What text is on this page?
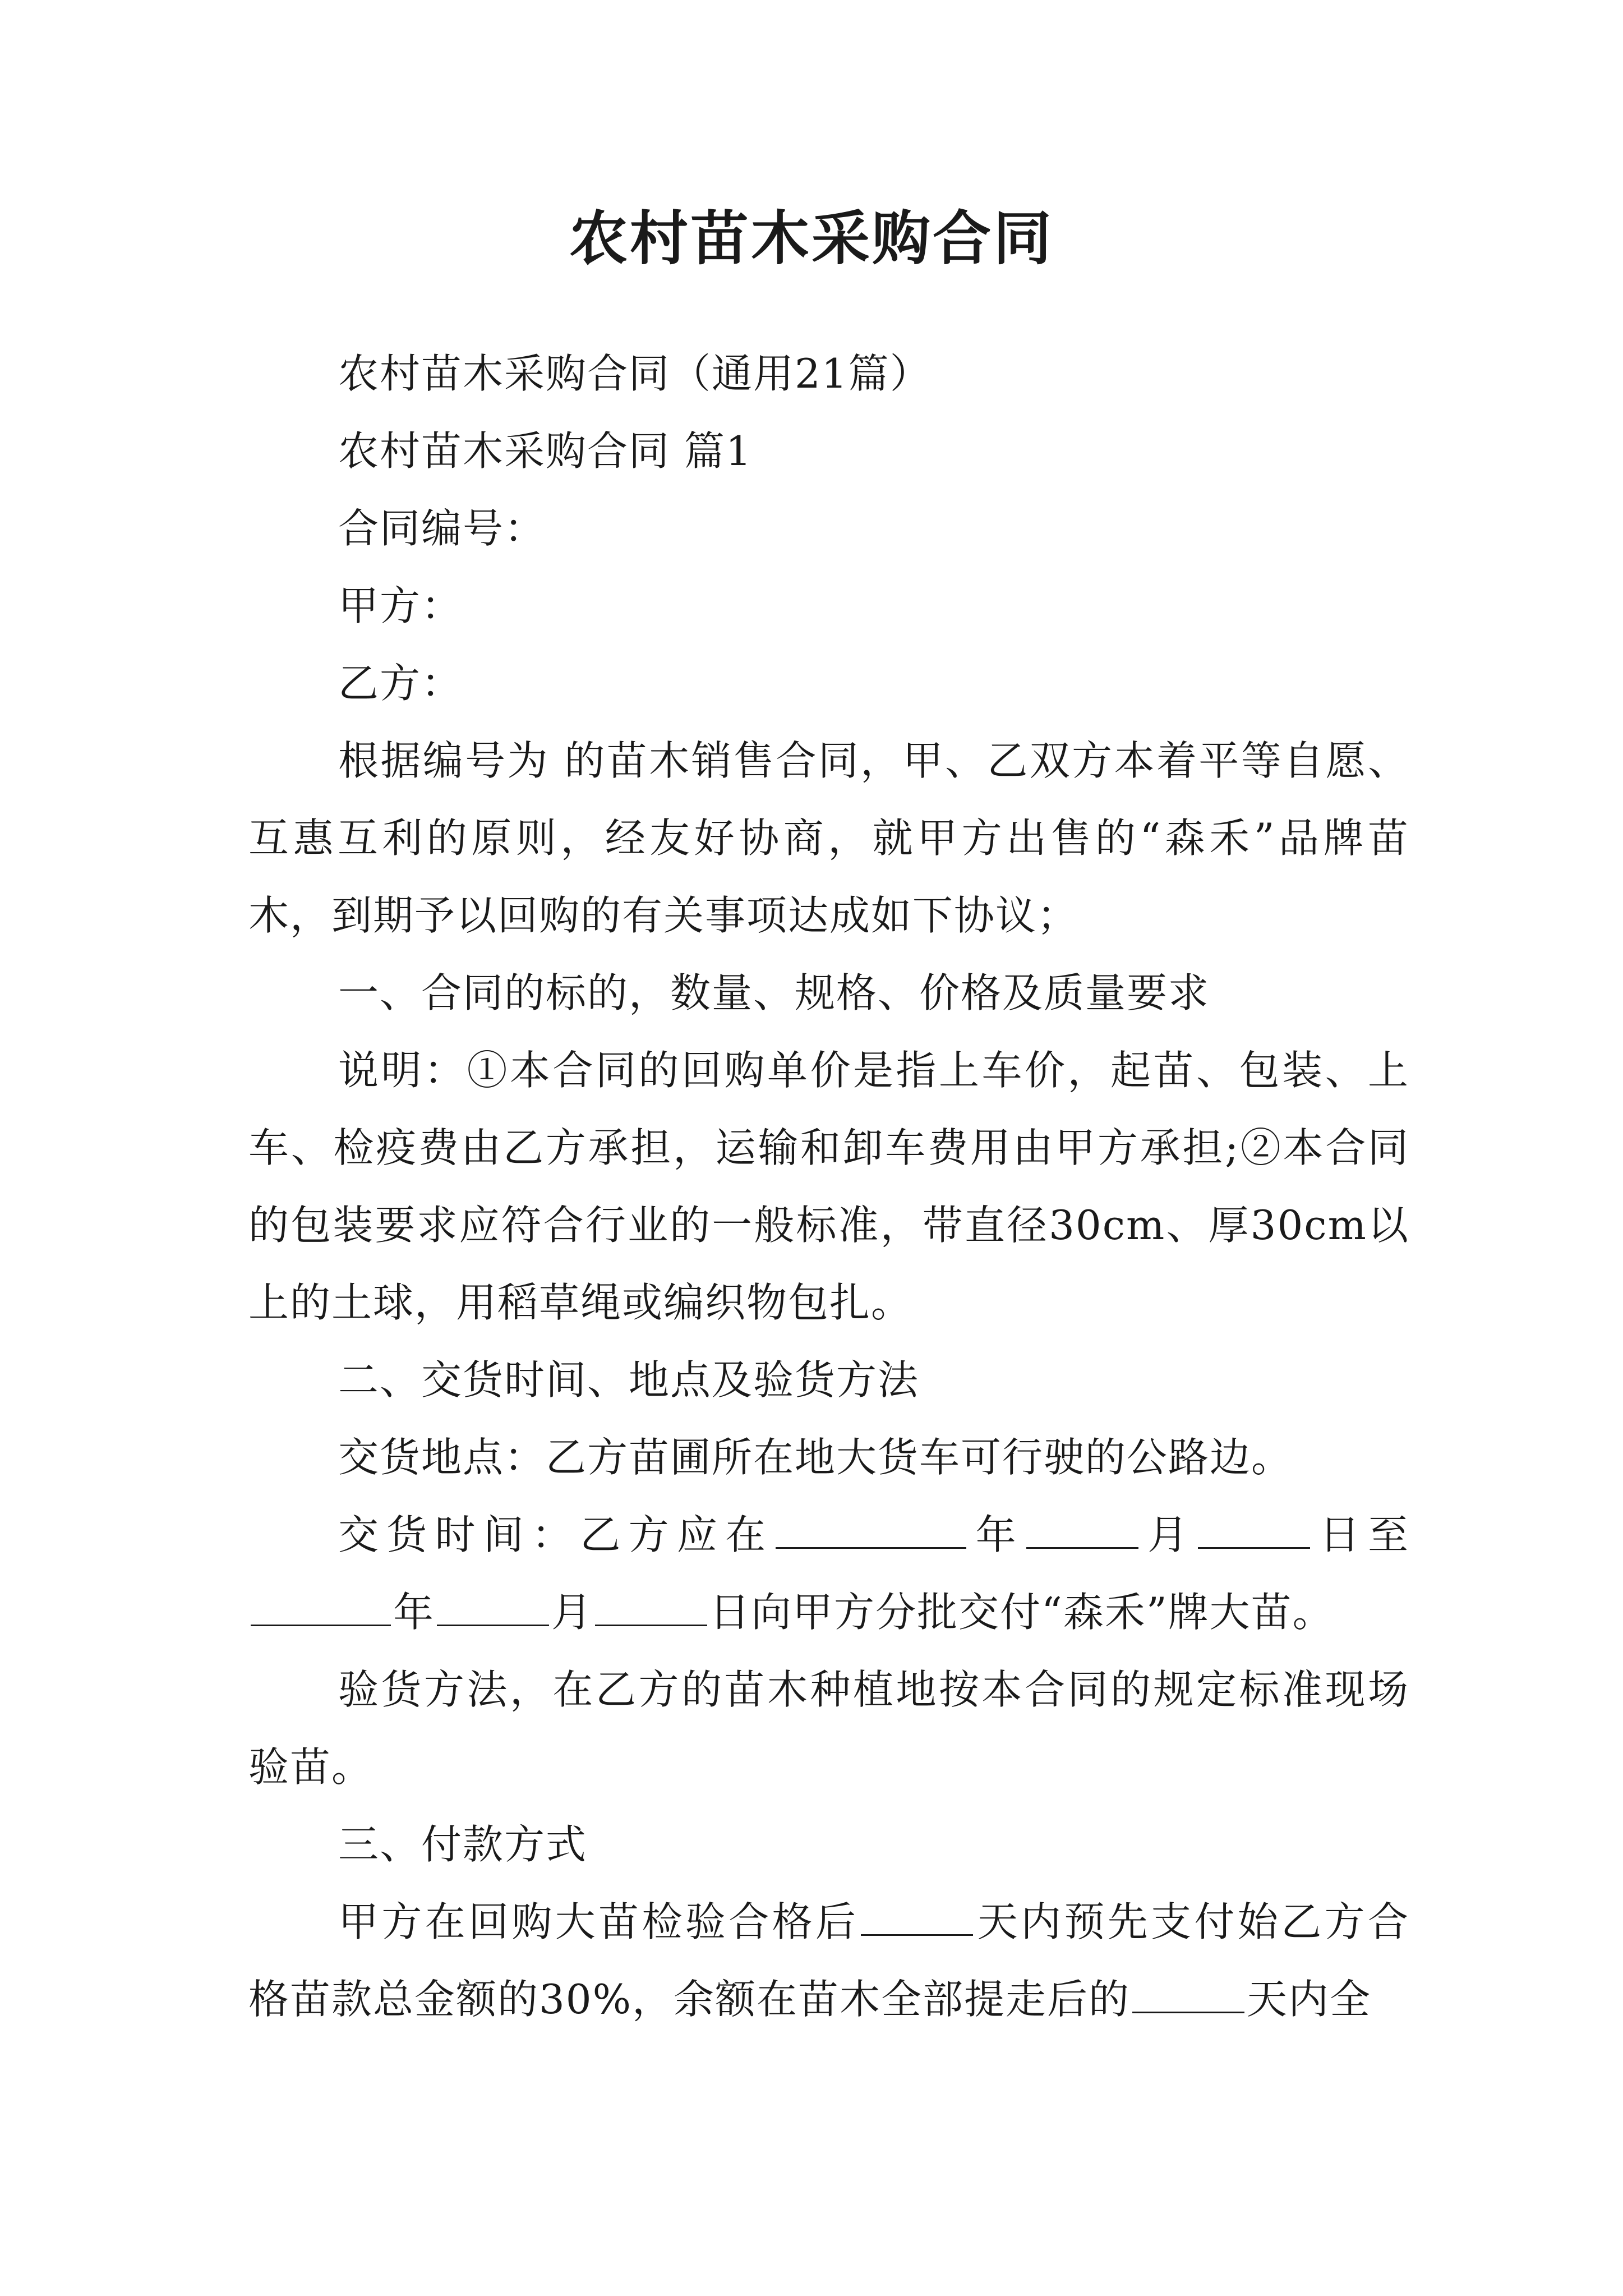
农村苗木采购合同

农村苗木采购合同（通用21篇）

农村苗木采购合同 篇1

合同编号：

甲方：

乙方：

根据编号为 的苗木销售合同，甲、乙双方本着平等自愿、互惠互利的原则，经友好协商，就甲方出售的“森禾”品牌苗木，到期予以回购的有关事项达成如下协议；

一、合同的标的，数量、规格、价格及质量要求

说明：①本合同的回购单价是指上车价，起苗、包装、上车、检疫费由乙方承担，运输和卸车费用由甲方承担;②本合同的包装要求应符合行业的一般标准，带直径30cm、厚30cm以上的土球，用稻草绳或编织物包扎。

二、交货时间、地点及验货方法

交货地点：乙方苗圃所在地大货车可行驶的公路边。

交货时间：乙方应在	年	月	日至年	月	日向甲方分批交付“森禾”牌大苗。

验货方法，在乙方的苗木种植地按本合同的规定标准现场验苗。

三、付款方式

甲方在回购大苗检验合格后	天内预先支付始乙方合格苗款总金额的30%，余额在苗木全部提走后的	天内全
